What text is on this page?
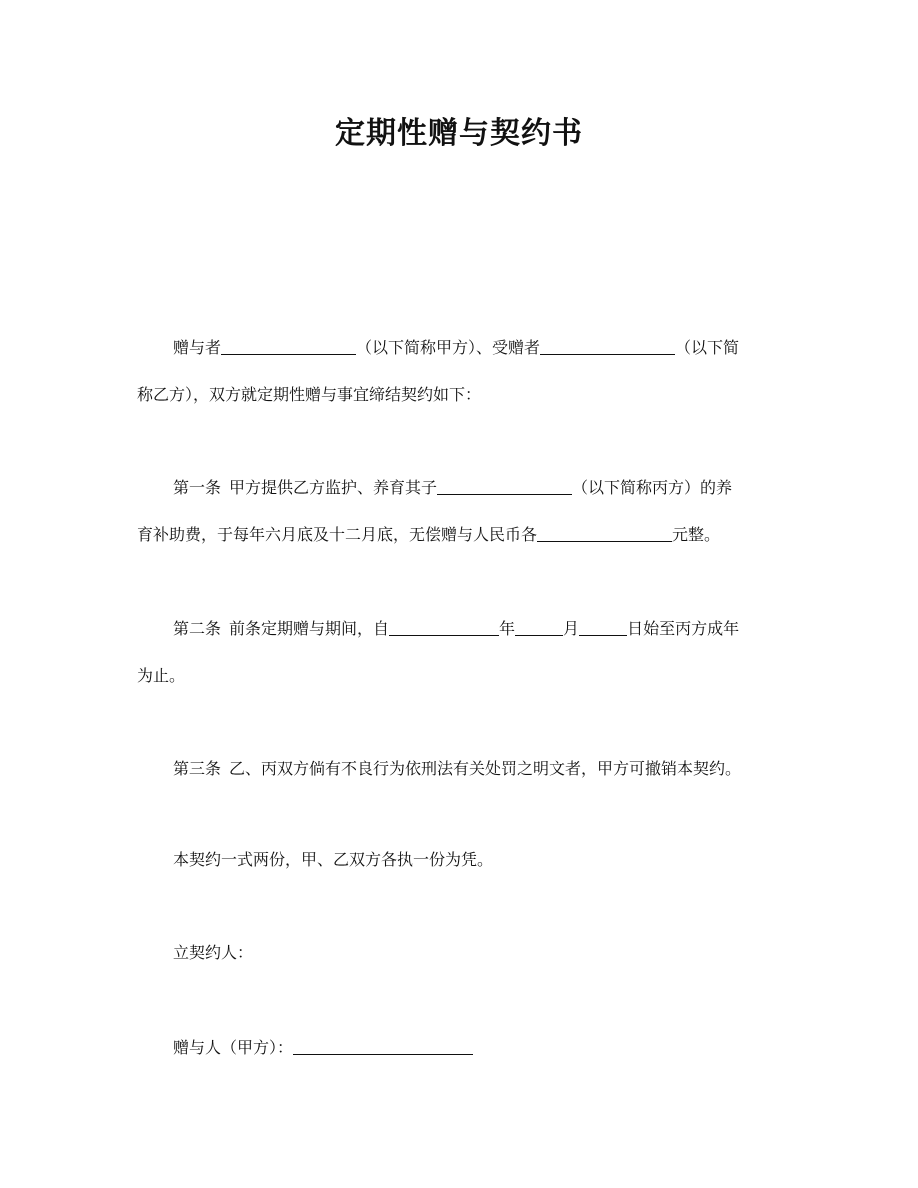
定期性赠与契约书
赠与者	（以下简称甲方）、受赠者	（以下简
称乙方），双方就定期性赠与事宜缔结契约如下：
第一条 甲方提供乙方监护、养育其子	（以下简称丙方）的养
育补助费，于每年六月底及十二月底，无偿赠与人民币各	元整。
第二条 前条定期赠与期间，自	年	月	日始至丙方成年
为止。
第三条 乙、丙双方倘有不良行为依刑法有关处罚之明文者，甲方可撤销本契约。
本契约一式两份，甲、乙双方各执一份为凭。
立契约人：
赠与人（甲方）：
